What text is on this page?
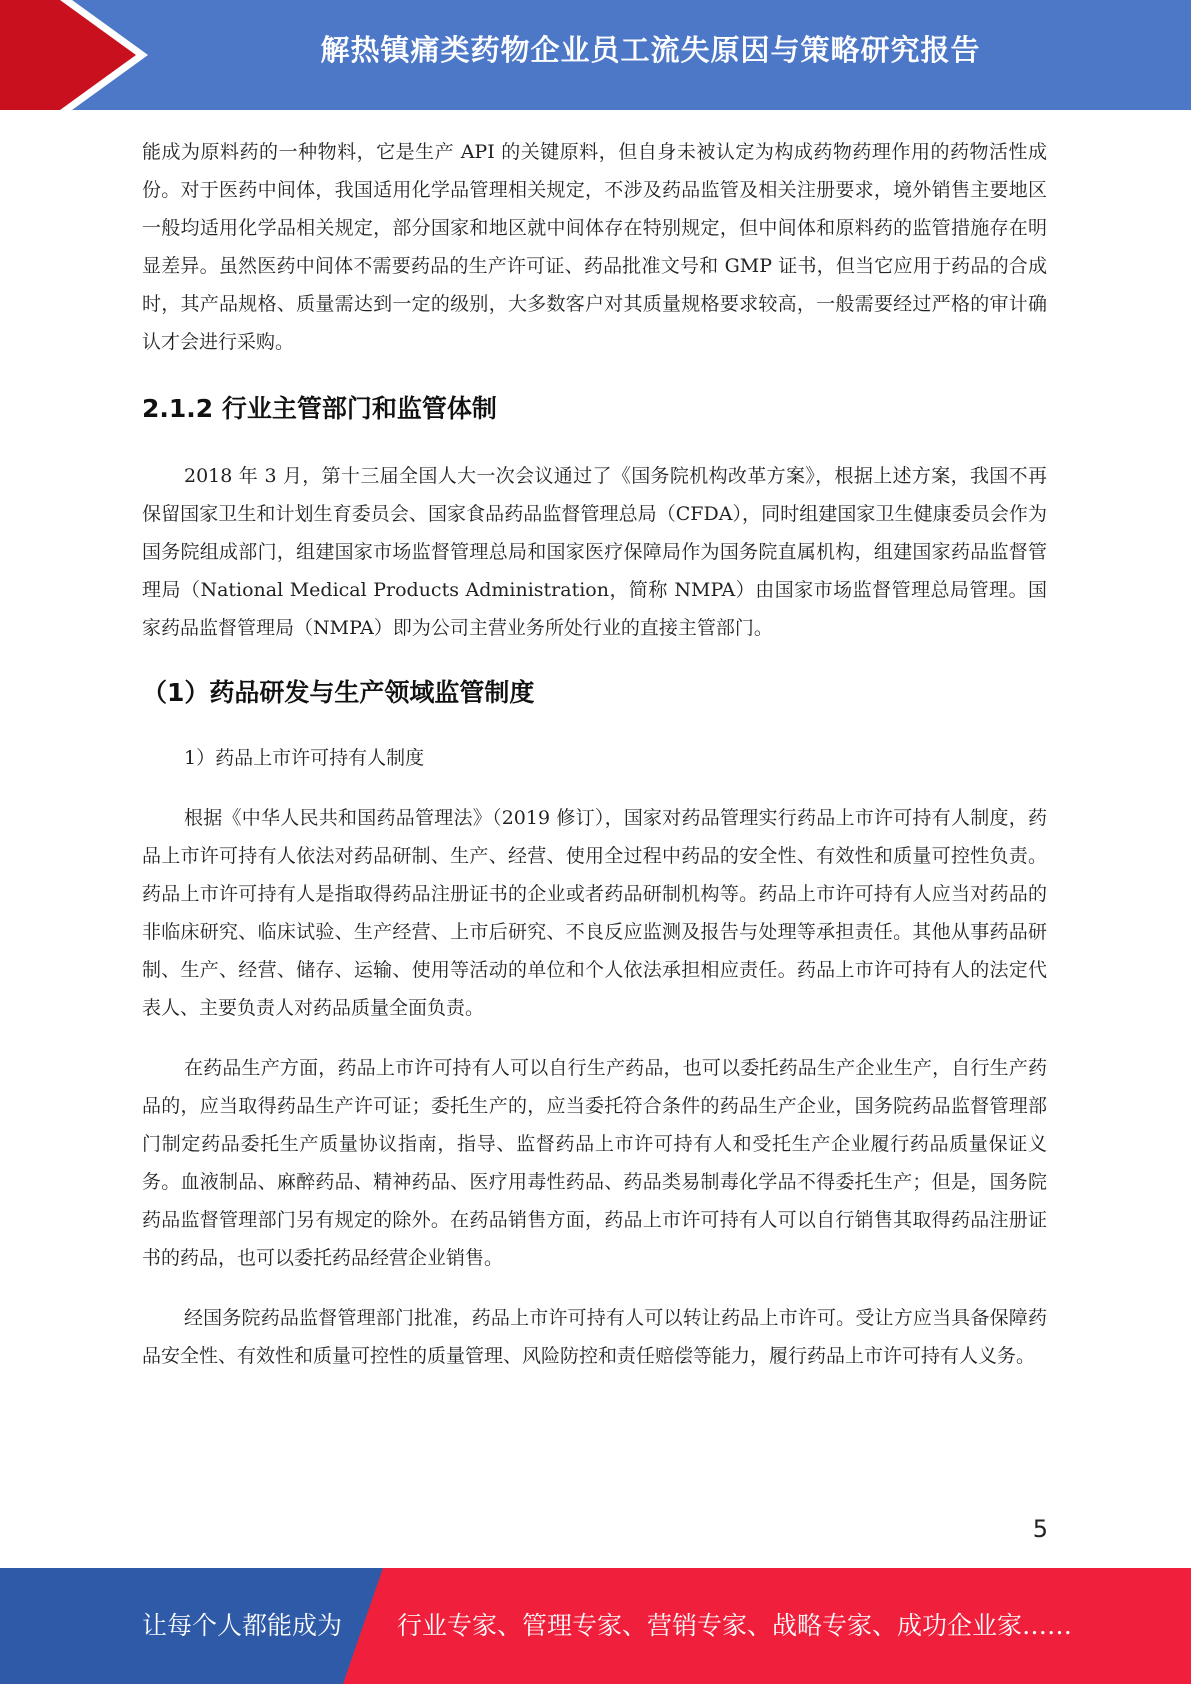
解热镇痛类药物企业员工流失原因与策略研究报告

能成为原料药的一种物料，它是生产 API 的关键原料，但自身未被认定为构成药物药理作用的药物活性成份。对于医药中间体，我国适用化学品管理相关规定，不涉及药品监管及相关注册要求，境外销售主要地区一般均适用化学品相关规定，部分国家和地区就中间体存在特别规定，但中间体和原料药的监管措施存在明显差异。虽然医药中间体不需要药品的生产许可证、药品批准文号和 GMP 证书，但当它应用于药品的合成时，其产品规格、质量需达到一定的级别，大多数客户对其质量规格要求较高，一般需要经过严格的审计确认才会进行采购。

2.1.2 行业主管部门和监管体制

2018 年 3 月，第十三届全国人大一次会议通过了《国务院机构改革方案》，根据上述方案，我国不再保留国家卫生和计划生育委员会、国家食品药品监督管理总局（CFDA），同时组建国家卫生健康委员会作为国务院组成部门，组建国家市场监督管理总局和国家医疗保障局作为国务院直属机构，组建国家药品监督管理局（National Medical Products Administration，简称 NMPA）由国家市场监督管理总局管理。国家药品监督管理局（NMPA）即为公司主营业务所处行业的直接主管部门。

（1）药品研发与生产领域监管制度
1）药品上市许可持有人制度

根据《中华人民共和国药品管理法》（2019 修订），国家对药品管理实行药品上市许可持有人制度，药品上市许可持有人依法对药品研制、生产、经营、使用全过程中药品的安全性、有效性和质量可控性负责。药品上市许可持有人是指取得药品注册证书的企业或者药品研制机构等。药品上市许可持有人应当对药品的非临床研究、临床试验、生产经营、上市后研究、不良反应监测及报告与处理等承担责任。其他从事药品研制、生产、经营、储存、运输、使用等活动的单位和个人依法承担相应责任。药品上市许可持有人的法定代表人、主要负责人对药品质量全面负责。

在药品生产方面，药品上市许可持有人可以自行生产药品，也可以委托药品生产企业生产，自行生产药品的，应当取得药品生产许可证；委托生产的，应当委托符合条件的药品生产企业，国务院药品监督管理部门制定药品委托生产质量协议指南，指导、监督药品上市许可持有人和受托生产企业履行药品质量保证义务。血液制品、麻醉药品、精神药品、医疗用毒性药品、药品类易制毒化学品不得委托生产；但是，国务院药品监督管理部门另有规定的除外。在药品销售方面，药品上市许可持有人可以自行销售其取得药品注册证书的药品，也可以委托药品经营企业销售。

经国务院药品监督管理部门批准，药品上市许可持有人可以转让药品上市许可。受让方应当具备保障药品安全性、有效性和质量可控性的质量管理、风险防控和责任赔偿等能力，履行药品上市许可持有人义务。

5
让每个人都能成为 行业专家、管理专家、营销专家、战略专家、成功企业家……
